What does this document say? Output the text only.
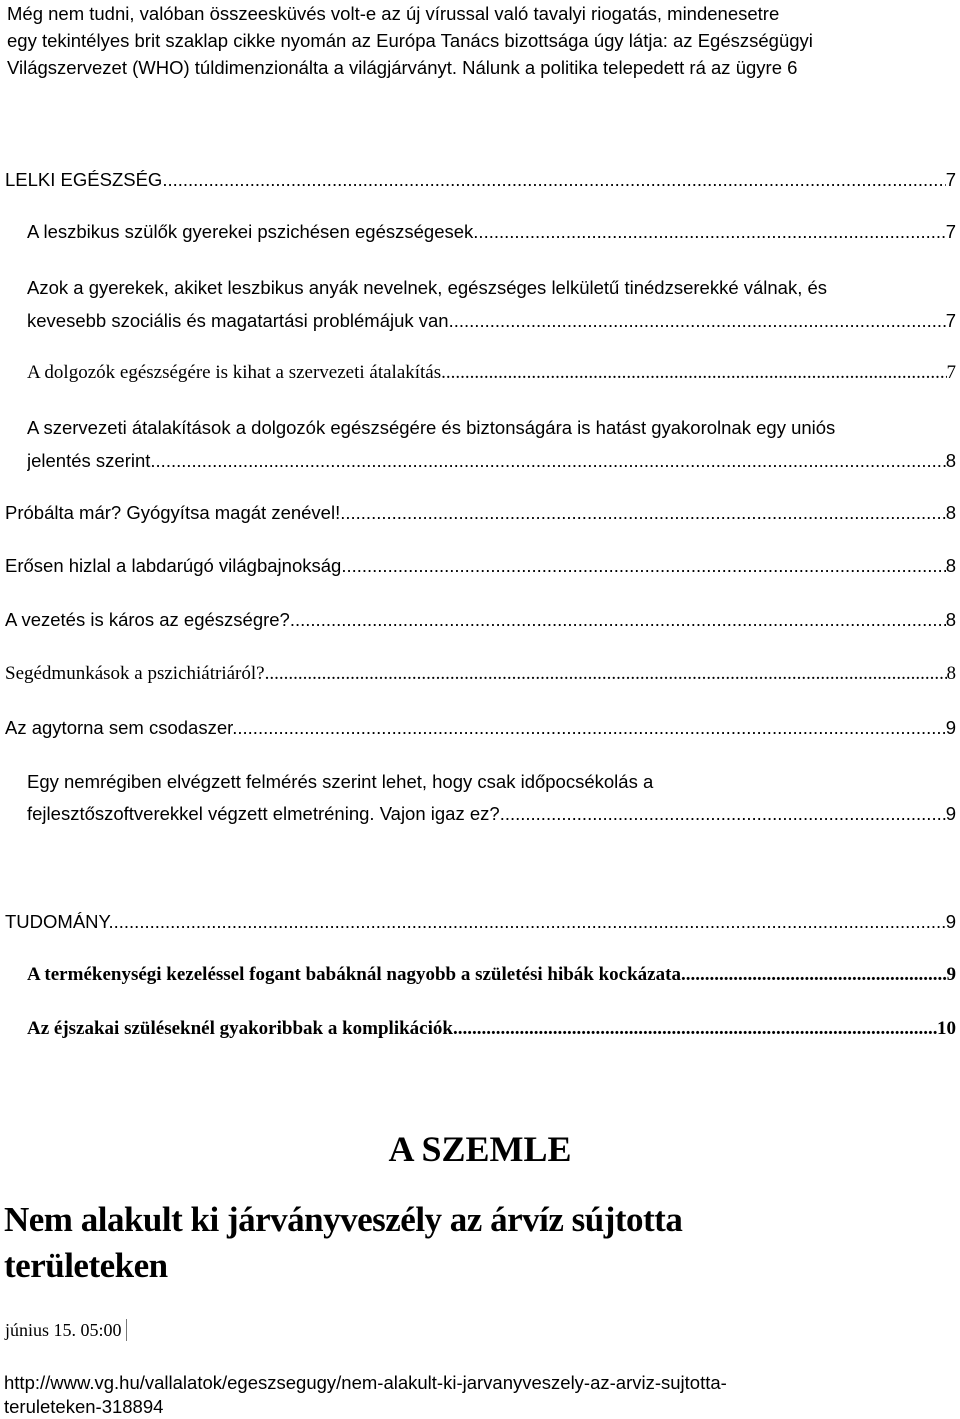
Még nem tudni, valóban összeesküvés volt-e az új vírussal való tavalyi riogatás, mindenesetre
egy tekintélyes brit szaklap cikke nyomán az Európa Tanács bizottsága úgy látja: az Egészségügyi
Világszervezet (WHO) túldimenzionálta a világjárványt. Nálunk a politika telepedett rá az ügyre 6
LELKI EGÉSZSÉG .....	7
A leszbikus szülők gyerekei pszichésen egészségesek .....	7
Azok a gyerekek, akiket leszbikus anyák nevelnek, egészséges lelkületű tinédzserekké válnak, és
kevesebb szociális és magatartási problémájuk van .....	7
A dolgozók egészségére is kihat a szervezeti átalakítás .....	7
A szervezeti átalakítások a dolgozók egészségére és biztonságára is hatást gyakorolnak egy uniós
jelentés szerint. .....	8
Próbálta már? Gyógyítsa magát zenével! .....	8
Erősen hizlal a labdarúgó világbajnokság .....	8
A vezetés is káros az egészségre? .....	8
Segédmunkások a pszichiátriáról? .....	8
Az agytorna sem csodaszer .....	9
Egy nemrégiben elvégzett felmérés szerint lehet, hogy csak időpocsékolás a
fejlesztőszoftverekkel végzett elmetréning. Vajon igaz ez? .....	9
TUDOMÁNY .....	9
A termékenységi kezeléssel fogant babáknál nagyobb a születési hibák kockázata .....	9
Az éjszakai szüléseknél gyakoribbak a komplikációk .....	10
A SZEMLE
Nem alakult ki járványveszély az árvíz sújtotta
területeken
június 15. 05:00
http://www.vg.hu/vallalatok/egeszsegugy/nem-alakult-ki-jarvanyveszely-az-arviz-sujtotta-
teruleteken-318894
